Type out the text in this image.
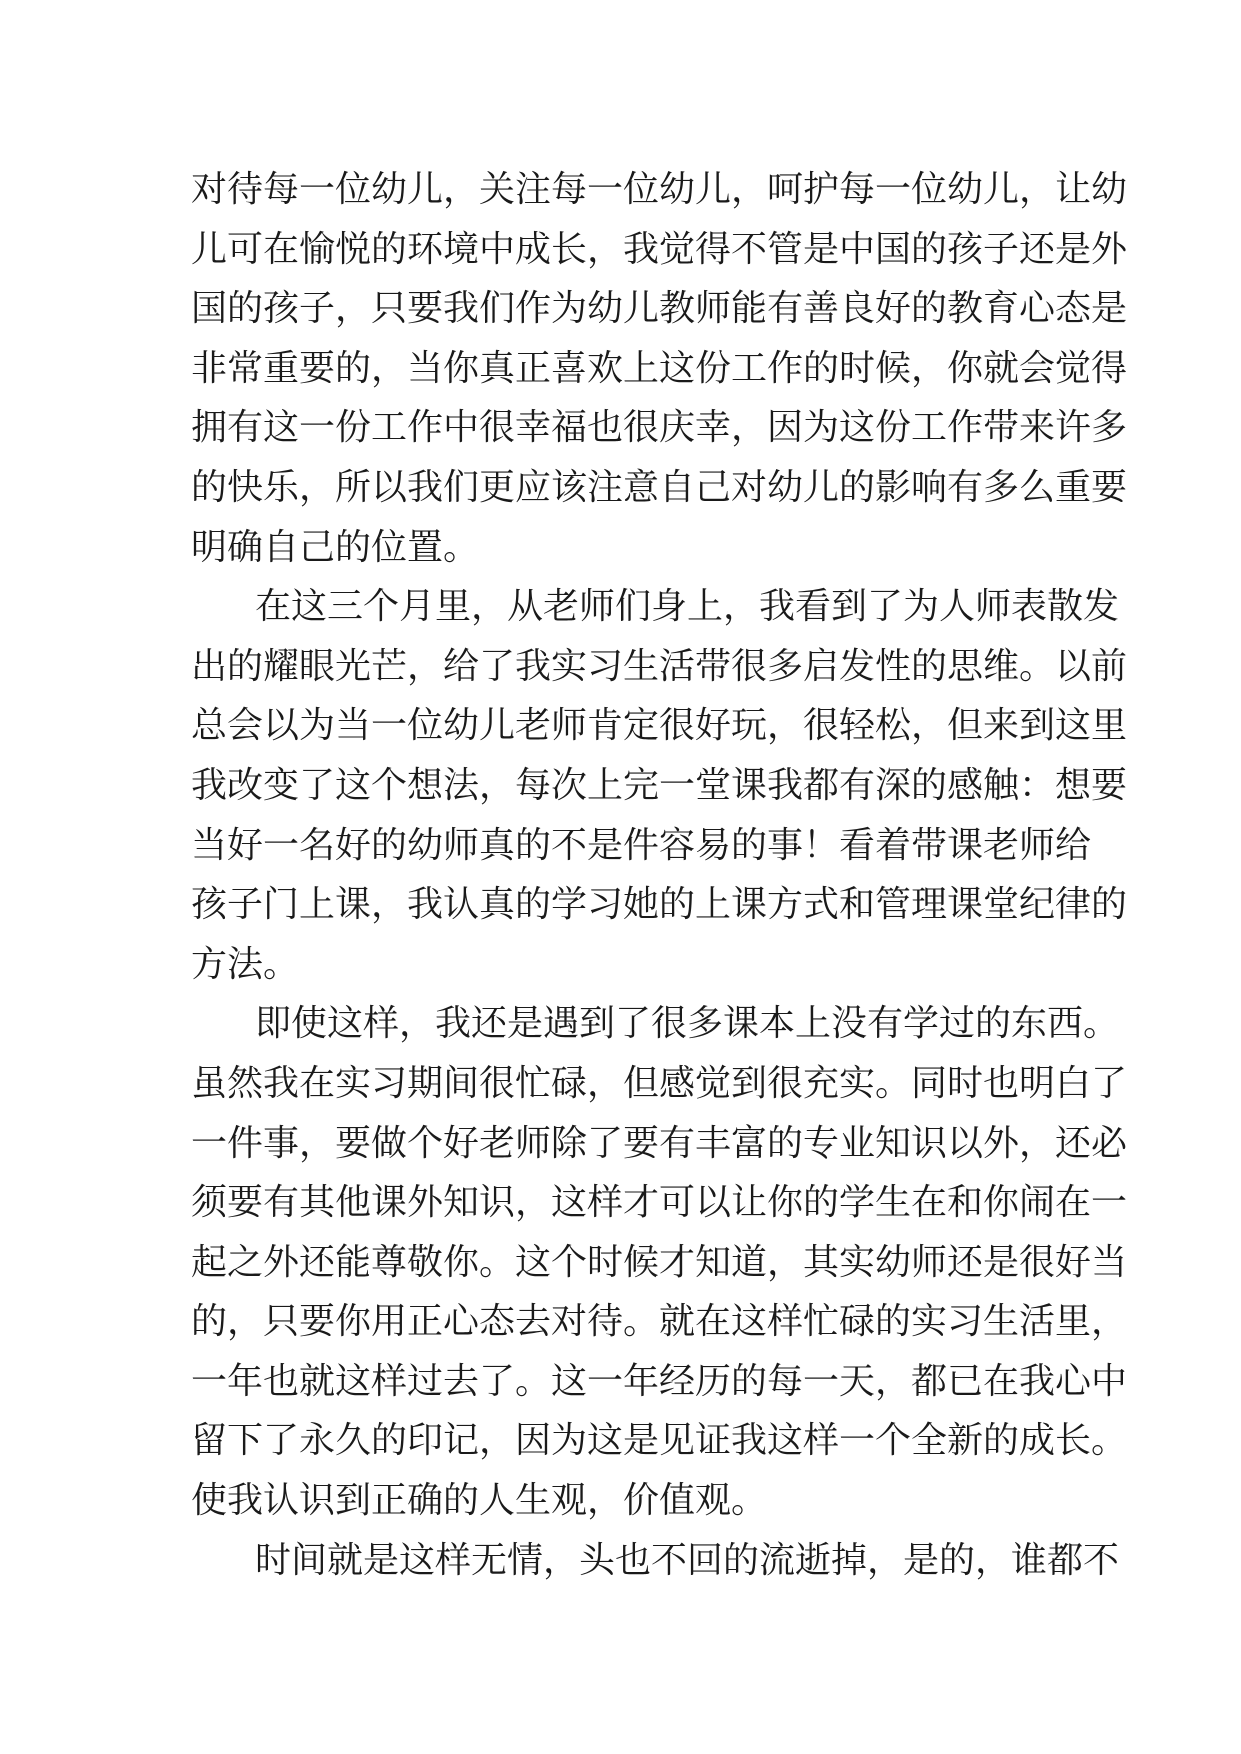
对待每一位幼儿，关注每一位幼儿，呵护每一位幼儿，让幼
儿可在愉悦的环境中成长，我觉得不管是中国的孩子还是外
国的孩子，只要我们作为幼儿教师能有善良好的教育心态是
非常重要的，当你真正喜欢上这份工作的时候，你就会觉得
拥有这一份工作中很幸福也很庆幸，因为这份工作带来许多
的快乐，所以我们更应该注意自己对幼儿的影响有多么重要
明确自己的位置。
在这三个月里，从老师们身上，我看到了为人师表散发
出的耀眼光芒，给了我实习生活带很多启发性的思维。以前
总会以为当一位幼儿老师肯定很好玩，很轻松，但来到这里
我改变了这个想法，每次上完一堂课我都有深的感触：想要
当好一名好的幼师真的不是件容易的事！看着带课老师给
孩子门上课，我认真的学习她的上课方式和管理课堂纪律的
方法。
即使这样，我还是遇到了很多课本上没有学过的东西。
虽然我在实习期间很忙碌，但感觉到很充实。同时也明白了
一件事，要做个好老师除了要有丰富的专业知识以外，还必
须要有其他课外知识，这样才可以让你的学生在和你闹在一
起之外还能尊敬你。这个时候才知道，其实幼师还是很好当
的，只要你用正心态去对待。就在这样忙碌的实习生活里，
一年也就这样过去了。这一年经历的每一天，都已在我心中
留下了永久的印记，因为这是见证我这样一个全新的成长。
使我认识到正确的人生观，价值观。
时间就是这样无情，头也不回的流逝掉，是的，谁都不
